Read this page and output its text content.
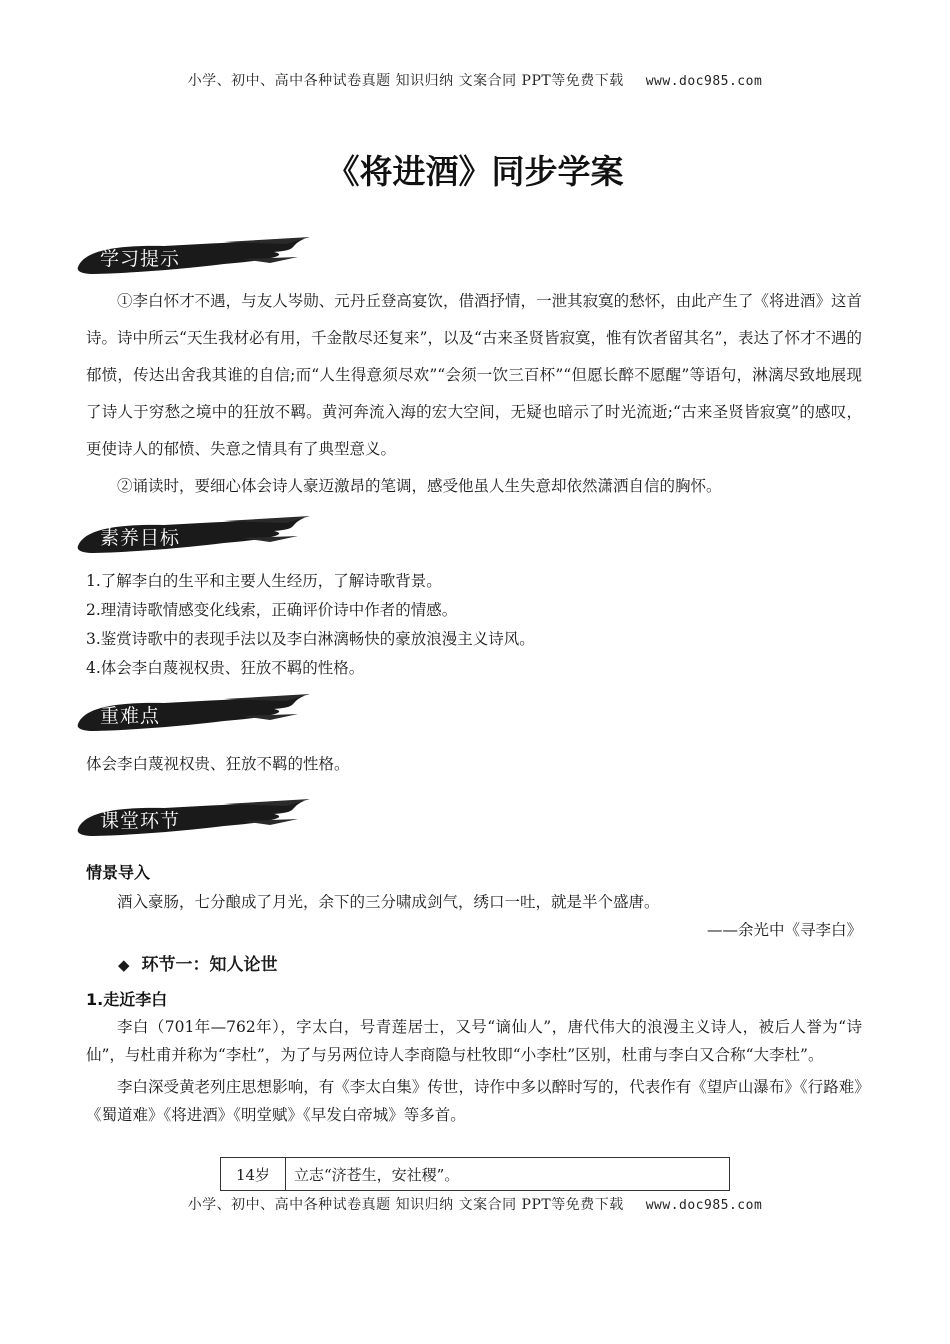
小学、初中、高中各种试卷真题 知识归纳 文案合同 PPT等免费下载 www.doc985.com
《将进酒》同步学案
学习提示

①李白怀才不遇，与友人岑勋、元丹丘登高宴饮，借酒抒情，一泄其寂寞的愁怀，由此产生了《将进酒》这首诗。诗中所云“天生我材必有用，千金散尽还复来”，以及“古来圣贤皆寂寞，惟有饮者留其名”，表达了怀才不遇的郁愤，传达出舍我其谁的自信;而“人生得意须尽欢”“会须一饮三百杯”“但愿长醉不愿醒”等语句，淋漓尽致地展现了诗人于穷愁之境中的狂放不羁。黄河奔流入海的宏大空间，无疑也暗示了时光流逝;“古来圣贤皆寂寞”的感叹，更使诗人的郁愤、失意之情具有了典型意义。

②诵读时，要细心体会诗人豪迈激昂的笔调，感受他虽人生失意却依然潇洒自信的胸怀。

素养目标
1.了解李白的生平和主要人生经历，了解诗歌背景。
2.理清诗歌情感变化线索，正确评价诗中作者的情感。
3.鉴赏诗歌中的表现手法以及李白淋漓畅快的豪放浪漫主义诗风。
4.体会李白蔑视权贵、狂放不羁的性格。
重难点
体会李白蔑视权贵、狂放不羁的性格。
课堂环节
情景导入

酒入豪肠，七分酿成了月光，余下的三分啸成剑气，绣口一吐，就是半个盛唐。

——余光中《寻李白》

◆ 环节一：知人论世
1.走近李白

李白（701年—762年），字太白，号青莲居士，又号“谪仙人”，唐代伟大的浪漫主义诗人，被后人誉为“诗仙”，与杜甫并称为“李杜”，为了与另两位诗人李商隐与杜牧即“小李杜”区别，杜甫与李白又合称“大李杜”。

李白深受黄老列庄思想影响，有《李太白集》传世，诗作中多以醉时写的，代表作有《望庐山瀑布》《行路难》《蜀道难》《将进酒》《明堂赋》《早发白帝城》等多首。

14岁	立志“济苍生，安社稷”。
小学、初中、高中各种试卷真题 知识归纳 文案合同 PPT等免费下载 www.doc985.com
